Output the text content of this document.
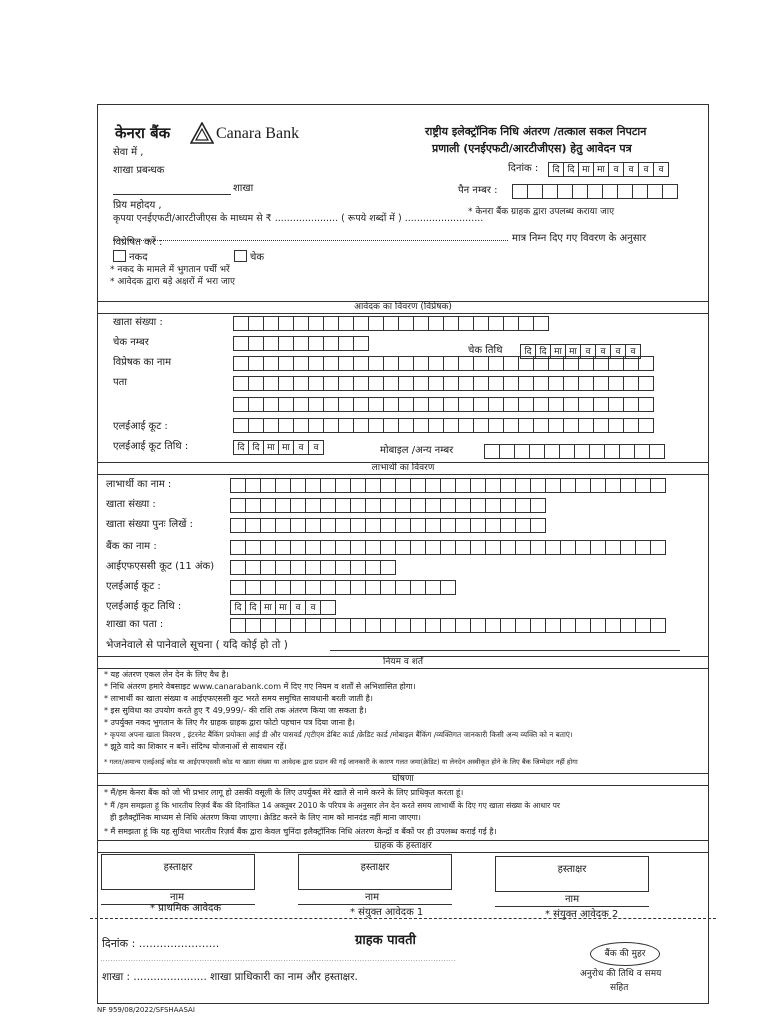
केनरा बैंक	Canara Bank	राष्ट्रीय इलेक्ट्रॉनिक निधि अंतरण /तत्काल सकल निपटान
प्रणाली (एनईएफटी/आरटीजीएस) हेतु आवेदन पत्र
सेवा में ,
शाखा प्रबन्धक	दिनांक :	दि दि मा मा व	व	व	व
शाखा	पैन नम्बर :
प्रिय महोदय ,
* केनरा बैंक ग्राहक द्वारा उपलब्ध कराया जाए
कृपया एनईएफटी/आरटीजीएस के माध्यम से ₹ ..................... ( रूपये शब्दों में ) ..........................
मात्र निम्न दिए गए विवरण के अनुसार
विप्रेषित करें :
नकद	चेक
* नकद के मामले में भुगतान पर्ची भरें
* आवेदक द्वारा बड़े अक्षरों में भरा जाए
आवेदक का विवरण (विप्रेषक)
खाता संख्या :
चेक नम्बर
चेक तिथि	दि दि मा मा व	व	व	व
विप्रेषक का नाम
पता
एलईआई कूट :
एलईआई कूट तिथि :	दि दि मा मा व	व	मोबाइल /अन्य नम्बर
लाभार्थी का विवरण
लाभार्थी का नाम :
खाता संख्या :
खाता संख्या पुनः लिखें :
बैंक का नाम :
आईएफएससी कूट (11 अंक)
एलईआई कूट :
एलईआई कूट तिथि :	दि दि मा मा व	व
शाखा का पता :
भेजनेवाले से पानेवाले सूचना ( यदि कोई हो तो )
नियम व शर्तें
* यह अंतरण एकल लेन देन के लिए वैध है।
* निधि अंतरण हमारे वेबसाइट www.canarabank.com में दिए गए नियम व शर्तों से अभिशासित होगा।
* लाभार्थी का खाता संख्या व आईएफएससी कूट भरते समय समुचित सावधानी बरती जाती है।
* इस सुविधा का उपयोग करते हुए ₹ 49,999/- की राशि तक अंतरण किया जा सकता है।
* उपर्युक्त नकद भुगतान के लिए गैर ग्राहक ग्राहक द्वारा फोटो पहचान पत्र दिया जाना है।
* कृपया अपना खाता विवरण , इंटरनेट बैंकिंग प्रयोक्ता आई डी और पासवर्ड /एटीएम डेबिट कार्ड /क्रेडिट कार्ड /मोबाइल बैंकिंग /व्यक्तिगत जानकारी किसी अन्य व्यक्ति को न बताएं।
* झूठे वादे का शिकार न बनें। संदिग्ध योजनाओं से सावधान रहें।
* गलत/अमान्य एलईआई कोड या आईएफएससी कोड या खाता संख्या या आवेदक द्वारा प्रदान की गई जानकारी के कारण गलत जमा(क्रेडिट) या लेनदेन अस्वीकृत होने के लिए बैंक जिम्मेदार नहीं होगा
घोषणा
* मैं/हम केनरा बैंक को जो भी प्रभार लागू हो उसकी वसूली के लिए उपर्युक्त मेरे खाते से नामे करने के लिए प्राधिकृत करता हूं।
* मैं /हम समझता हूं कि भारतीय रिज़र्व बैंक की दिनांकित 14 अक्तूबर 2010 के परिपत्र के अनुसार लेन देन करते समय लाभार्थी के दिए गए खाता संख्या के आधार पर
ही इलैक्ट्रॉनिक माध्यम से निधि अंतरण किया जाएगा। क्रेडिट करने के लिए नाम को मानदंड नहीं माना जाएगा।
* मैं समझता हूं कि यह सुविधा भारतीय रिज़र्व बैंक द्वारा केवल चुनिंदा इलैक्ट्रॉनिक निधि अंतरण केन्द्रों व बैंकों पर ही उपलब्ध कराई गई है।
ग्राहक के हस्ताक्षर
हस्ताक्षर	हस्ताक्षर	हस्ताक्षर
नाम	नाम	नाम
* प्राथमिक आवेदक	* संयुक्त आवेदक 1	* संयुक्त आवेदक 2
दिनांक : .......................	ग्राहक पावती
बैंक की मुहर
............................................................................................................................................
शाखा : ...................... शाखा प्राधिकारी का नाम और हस्ताक्षर.	अनुरोध की तिथि व समय
सहित
NF 959/08/2022/SFSHAASAI
